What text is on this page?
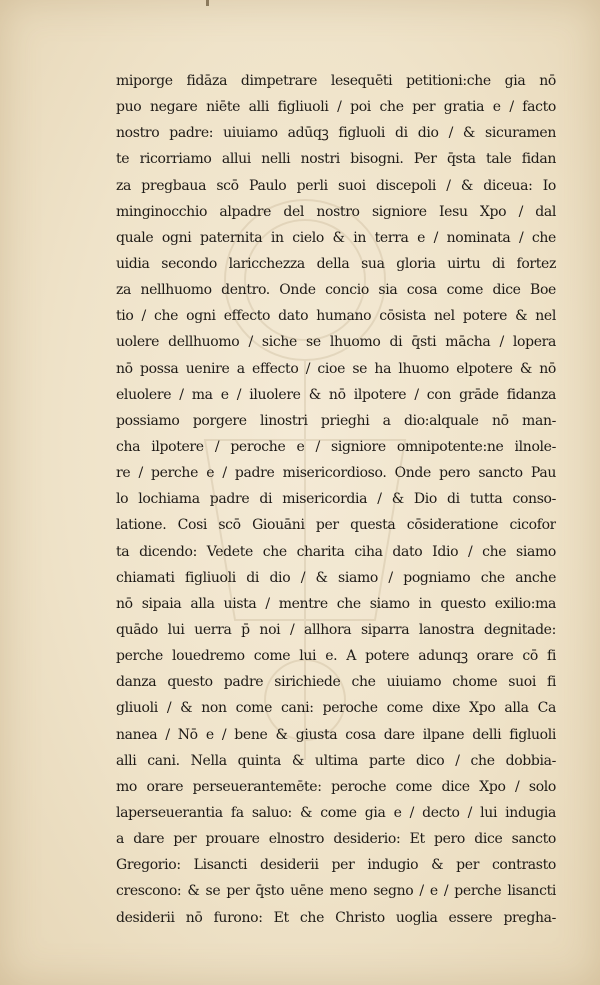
miporge fidāza dimpetrare lesequēti petitioni:che gia nō
puo negare niēte alli figliuoli / poi che per gratia e / facto
nostro padre: uiuiamo adūqꝫ figluoli di dio / & sicuramen
te ricorriamo allui nelli nostri bisogni. Per q̄sta tale fidan
za pregbaua scō Paulo perli suoi discepoli / & diceua: Io
minginocchio alpadre del nostro signiore Iesu Xpo / dal
quale ogni paternita in cielo & in terra e / nominata / che
uidia secondo laricchezza della sua gloria uirtu di fortez
za nellhuomo dentro. Onde concio sia cosa come dice Boe
tio / che ogni effecto dato humano cōsista nel potere & nel
uolere dellhuomo / siche se lhuomo di q̄sti mācha / lopera
nō possa uenire a effecto / cioe se ha lhuomo elpotere & nō
eluolere / ma e / iluolere & nō ilpotere / con grāde fidanza
possiamo porgere linostri prieghi a dio:alquale nō man-
cha ilpotere / peroche e / signiore omnipotente:ne ilnole-
re / perche e / padre misericordioso. Onde pero sancto Pau
lo lochiama padre di misericordia / & Dio di tutta conso-
latione. Cosi scō Giouāni per questa cōsideratione cicofor
ta dicendo: Vedete che charita ciha dato Idio / che siamo
chiamati figliuoli di dio / & siamo / pogniamo che anche
nō sipaia alla uista / mentre che siamo in questo exilio:ma
quādo lui uerra p̄ noi / allhora siparra lanostra degnitade:
perche louedremo come lui e. A potere adunqꝫ orare cō fi
danza questo padre sirichiede che uiuiamo chome suoi fi
gliuoli / & non come cani: peroche come dixe Xpo alla Ca
nanea / Nō e / bene & giusta cosa dare ilpane delli figluoli
alli cani. Nella quinta & ultima parte dico / che dobbia-
mo orare perseuerantemēte: peroche come dice Xpo / solo
laperseuerantia fa saluo: & come gia e / decto / lui indugia
a dare per prouare elnostro desiderio: Et pero dice sancto
Gregorio: Lisancti desiderii per indugio & per contrasto
crescono: & se per q̄sto uēne meno segno / e / perche lisancti
desiderii nō furono: Et che Christo uoglia essere pregha-
